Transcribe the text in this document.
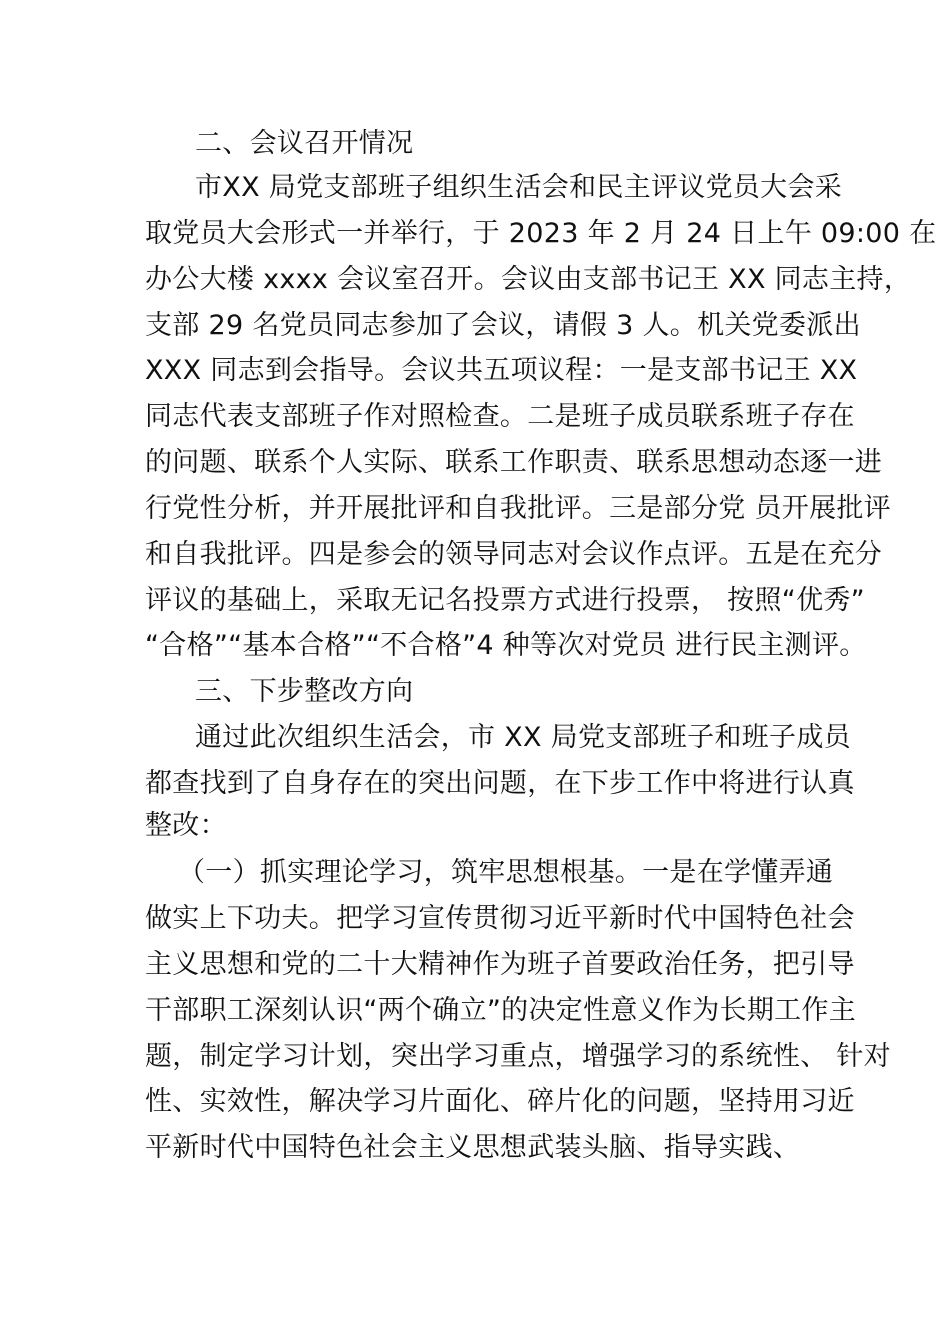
二、会议召开情况
市XX 局党支部班子组织生活会和民主评议党员大会采
取党员大会形式一并举行，于 2023 年 2 月 24 日上午 09:00 在
办公大楼 xxxx 会议室召开。会议由支部书记王 XX 同志主持，
支部 29 名党员同志参加了会议，请假 3 人。机关党委派出
XXX 同志到会指导。会议共五项议程：一是支部书记王 XX
同志代表支部班子作对照检查。二是班子成员联系班子存在
的问题、联系个人实际、联系工作职责、联系思想动态逐一进
行党性分析，并开展批评和自我批评。三是部分党 员开展批评
和自我批评。四是参会的领导同志对会议作点评。五是在充分
评议的基础上，采取无记名投票方式进行投票， 按照“优秀”
“合格”“基本合格”“不合格”4 种等次对党员 进行民主测评。
三、下步整改方向
通过此次组织生活会，市 XX 局党支部班子和班子成员
都查找到了自身存在的突出问题，在下步工作中将进行认真
整改：
（一）抓实理论学习，筑牢思想根基。一是在学懂弄通
做实上下功夫。把学习宣传贯彻习近平新时代中国特色社会
主义思想和党的二十大精神作为班子首要政治任务，把引导
干部职工深刻认识“两个确立”的决定性意义作为长期工作主
题，制定学习计划，突出学习重点，增强学习的系统性、 针对
性、实效性，解决学习片面化、碎片化的问题，坚持用习近
平新时代中国特色社会主义思想武装头脑、指导实践、
